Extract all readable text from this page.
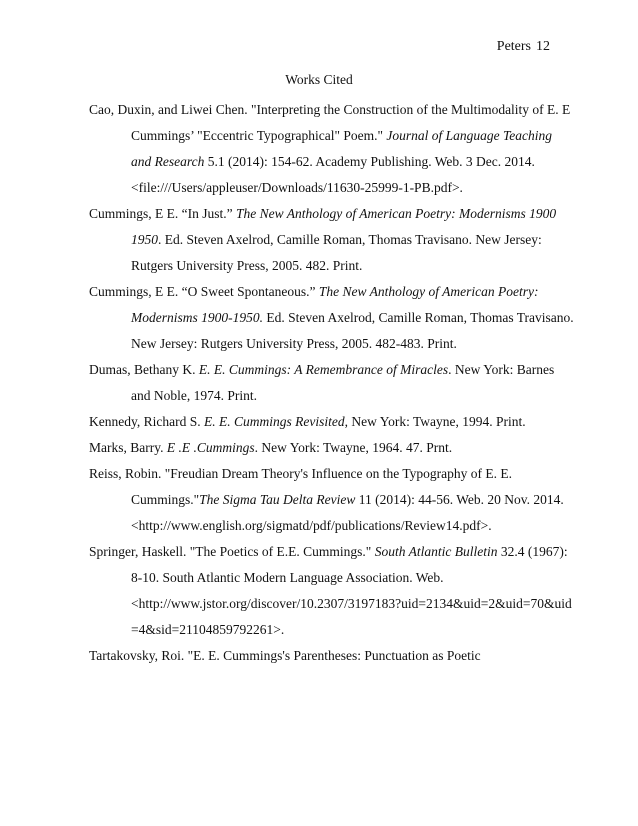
Peters 12
Works Cited
Cao, Duxin, and Liwei Chen. "Interpreting the Construction of the Multimodality of E. E
Cummings’ "Eccentric Typographical" Poem." Journal of Language Teaching
and Research 5.1 (2014): 154-62. Academy Publishing. Web. 3 Dec. 2014.
<file:///Users/appleuser/Downloads/11630-25999-1-PB.pdf>.
Cummings, E E. “In Just.” The New Anthology of American Poetry: Modernisms 1900
1950. Ed. Steven Axelrod, Camille Roman, Thomas Travisano. New Jersey:
Rutgers University Press, 2005. 482. Print.
Cummings, E E. “O Sweet Spontaneous.” The New Anthology of American Poetry:
Modernisms 1900-1950. Ed. Steven Axelrod, Camille Roman, Thomas Travisano.
New Jersey: Rutgers University Press, 2005. 482-483. Print.
Dumas, Bethany K. E. E. Cummings: A Remembrance of Miracles. New York: Barnes
and Noble, 1974. Print.
Kennedy, Richard S. E. E. Cummings Revisited, New York: Twayne, 1994. Print.
Marks, Barry. E .E .Cummings. New York: Twayne, 1964. 47. Prnt.
Reiss, Robin. "Freudian Dream Theory's Influence on the Typography of E. E.
Cummings."The Sigma Tau Delta Review 11 (2014): 44-56. Web. 20 Nov. 2014.
<http://www.english.org/sigmatd/pdf/publications/Review14.pdf>.
Springer, Haskell. "The Poetics of E.E. Cummings." South Atlantic Bulletin 32.4 (1967):
8-10. South Atlantic Modern Language Association. Web.
<http://www.jstor.org/discover/10.2307/3197183?uid=2134&uid=2&uid=70&uid
=4&sid=21104859792261>.
Tartakovsky, Roi. "E. E. Cummings's Parentheses: Punctuation as Poetic
